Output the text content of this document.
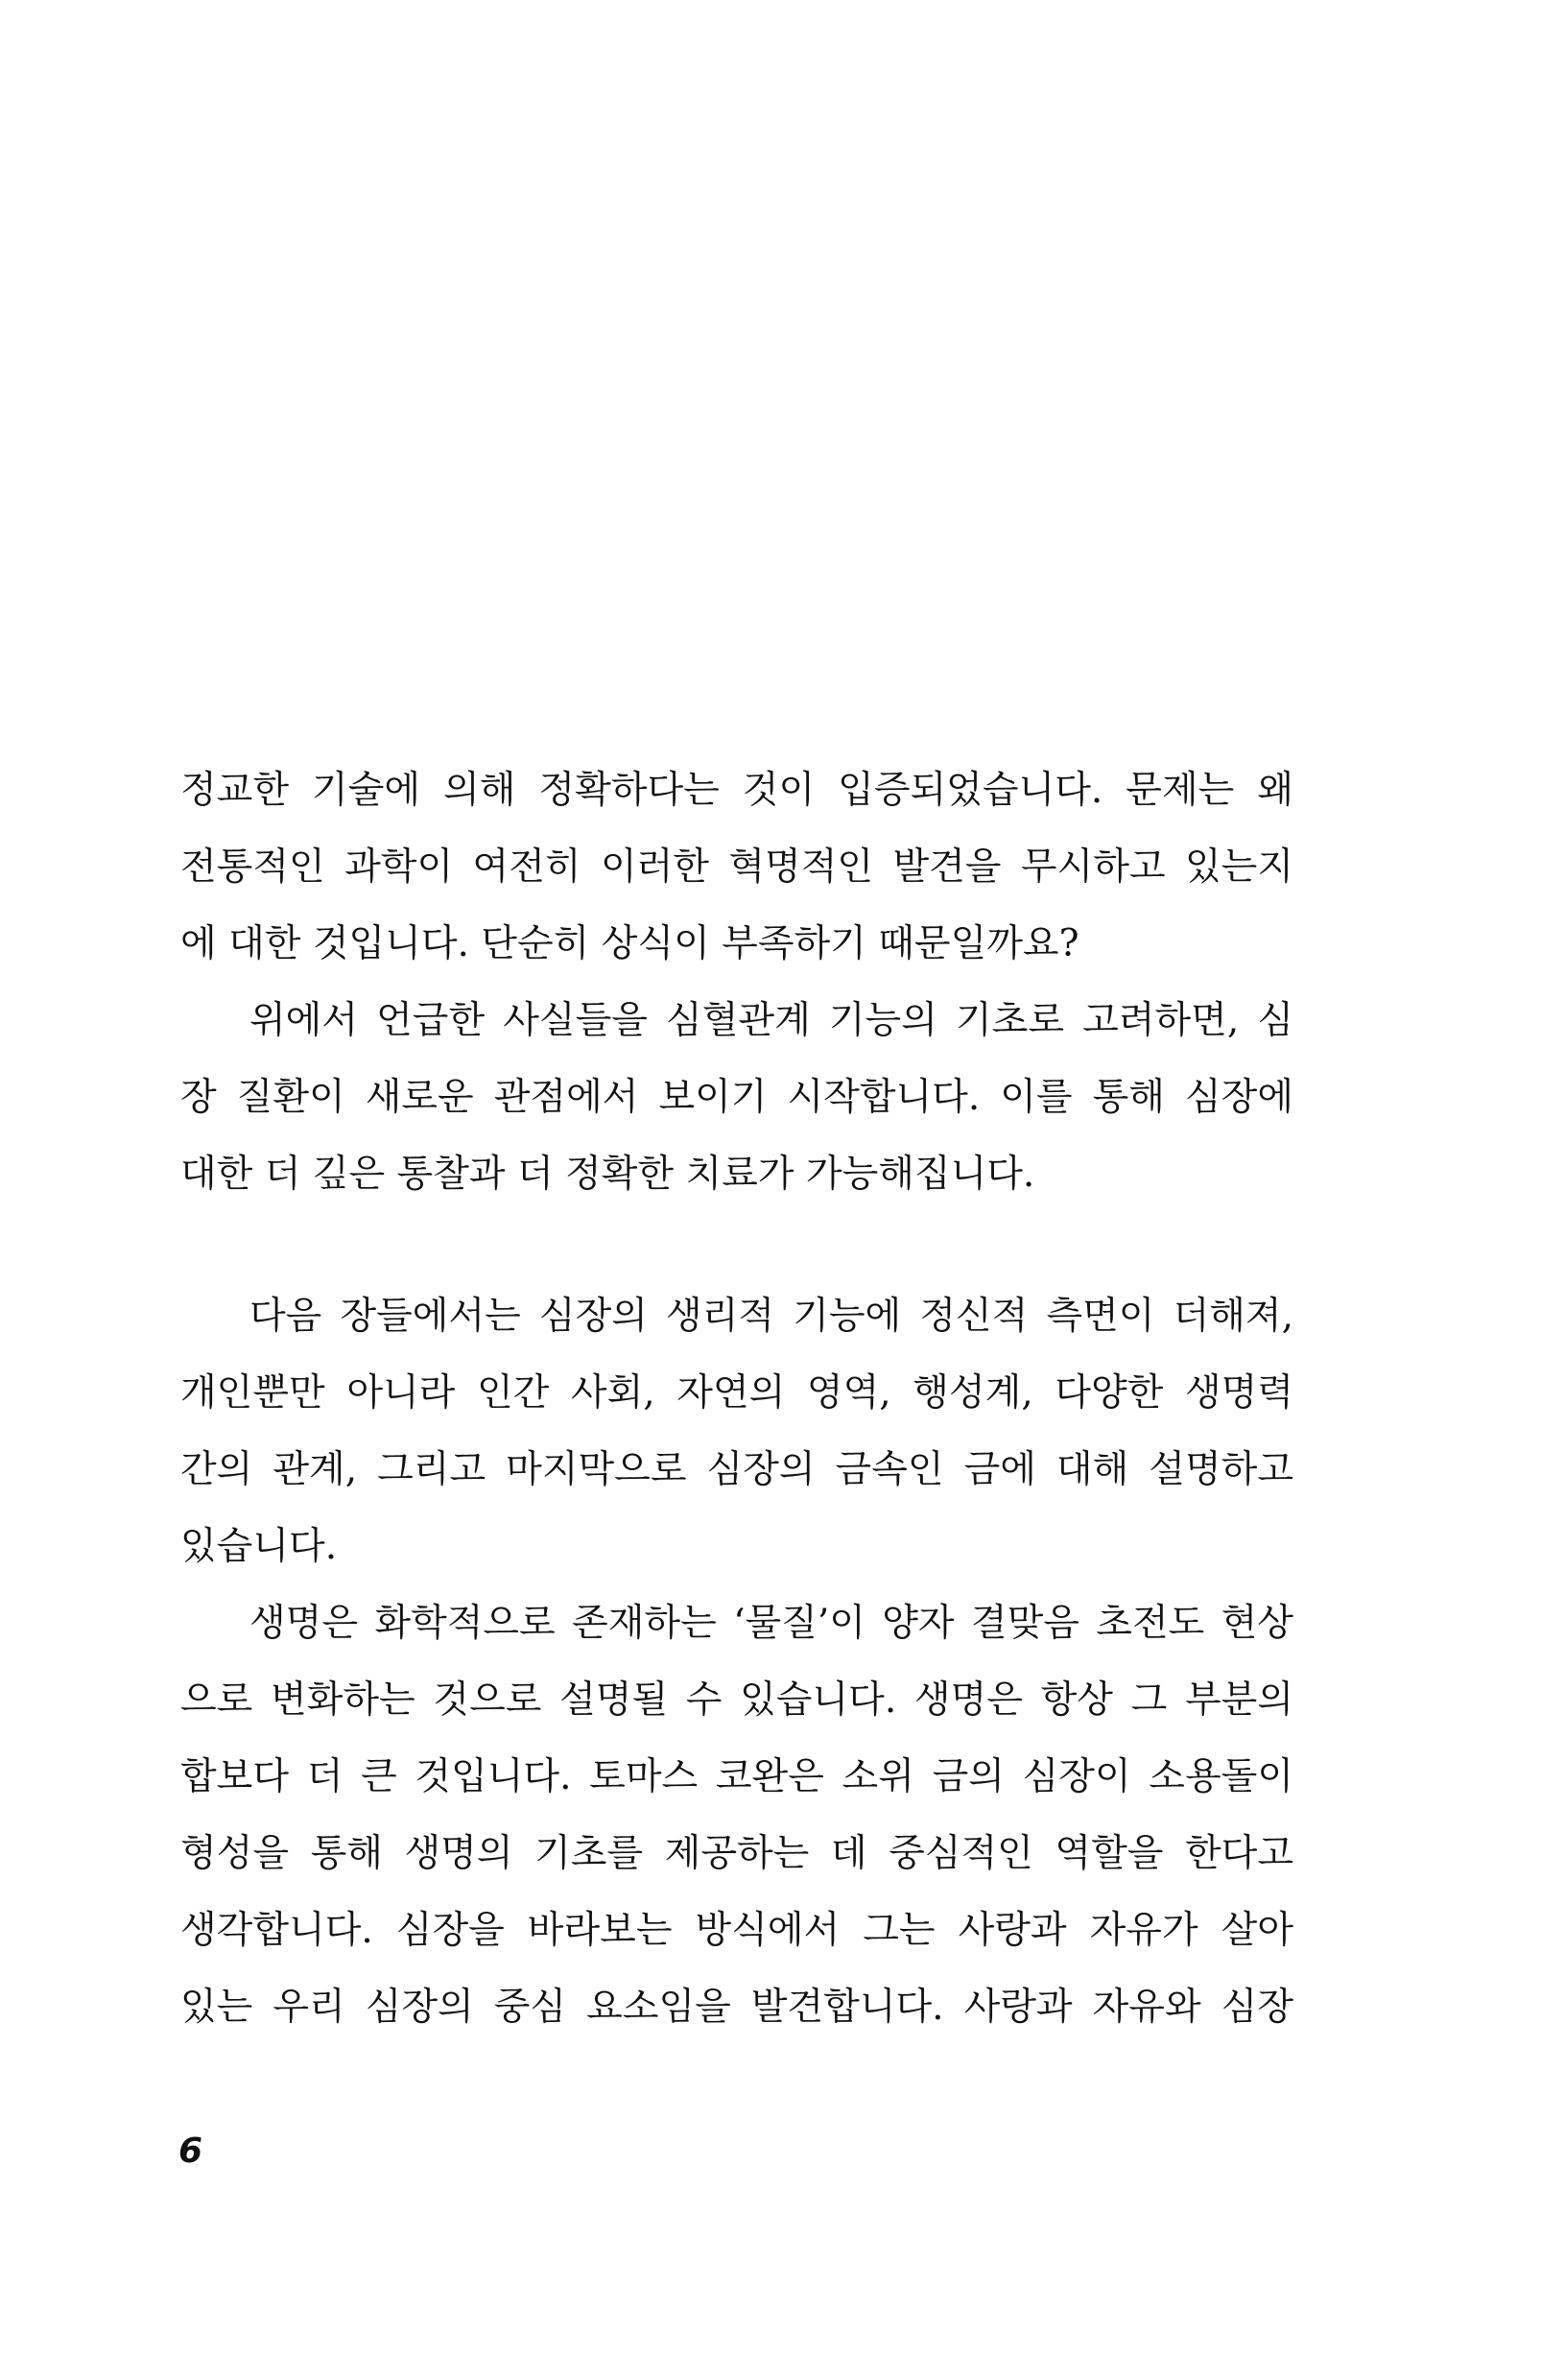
정교한 기술에 의해 정확하다는 것이 입증되었습니다. 문제는 왜
전통적인 과학이 여전히 이러한 혁명적인 발견을 무시하고 있는지
에 대한 것입니다. 단순히 상식이 부족하기 때문일까요?
위에서 언급한 사실들을 심혈관계 기능의 기초로 고려하면, 심
장 질환이 새로운 관점에서 보이기 시작합니다. 이를 통해 심장에
대한 더 깊은 통찰과 더 정확한 치료가 가능해집니다.
다음 장들에서는 심장의 생리적 기능에 정신적 측면이 더해져,
개인뿐만 아니라 인간 사회, 자연의 영역, 행성계, 다양한 생명력
간의 관계, 그리고 마지막으로 심장의 금속인 금에 대해 설명하고
있습니다.
생명은 화학적으로 존재하는 ‘물질’이 양자 결맞음 초전도 현상
으로 변화하는 것으로 설명될 수 있습니다. 생명은 항상 그 부분의
합보다 더 큰 것입니다. 토마스 코완은 소위 금의 심장이 소용돌이
형성을 통해 생명의 기초를 제공하는 데 중심적인 역할을 한다고
생각합니다. 심장을 바라보는 방식에서 그는 사랑과 자유가 살아
있는 우리 심장의 중심 요소임을 발견합니다. 사랑과 자유와 심장
6
